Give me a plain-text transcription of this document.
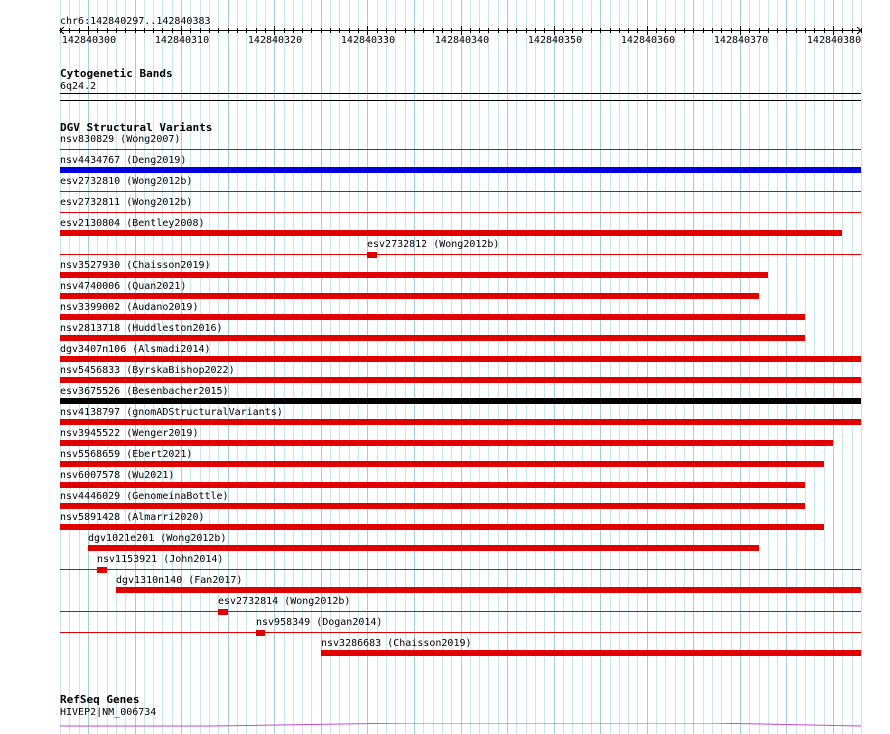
chr6:142840297..142840383
142840300	142840310	142840320	142840330	142840340	142840350	142840360	142840370	142840380
Cytogenetic Bands
6q24.2
DGV Structural Variants
nsv830829 (Wong2007)
nsv4434767 (Deng2019)
esv2732810 (Wong2012b)
esv2732811 (Wong2012b)
esv2130804 (Bentley2008)
esv2732812 (Wong2012b)
nsv3527930 (Chaisson2019)
nsv4740006 (Quan2021)
nsv3399002 (Audano2019)
nsv2813718 (Huddleston2016)
dgv3407n106 (Alsmadi2014)
nsv5456833 (ByrskaBishop2022)
esv3675526 (Besenbacher2015)
nsv4138797 (gnomADStructuralVariants)
nsv3945522 (Wenger2019)
nsv5568659 (Ebert2021)
nsv6007578 (Wu2021)
nsv4446029 (GenomeinaBottle)
nsv5891428 (Almarri2020)
dgv1021e201 (Wong2012b)
nsv1153921 (John2014)
dgv1310n140 (Fan2017)
esv2732814 (Wong2012b)
nsv958349 (Dogan2014)
nsv3286683 (Chaisson2019)
RefSeq Genes
HIVEP2|NM_006734
